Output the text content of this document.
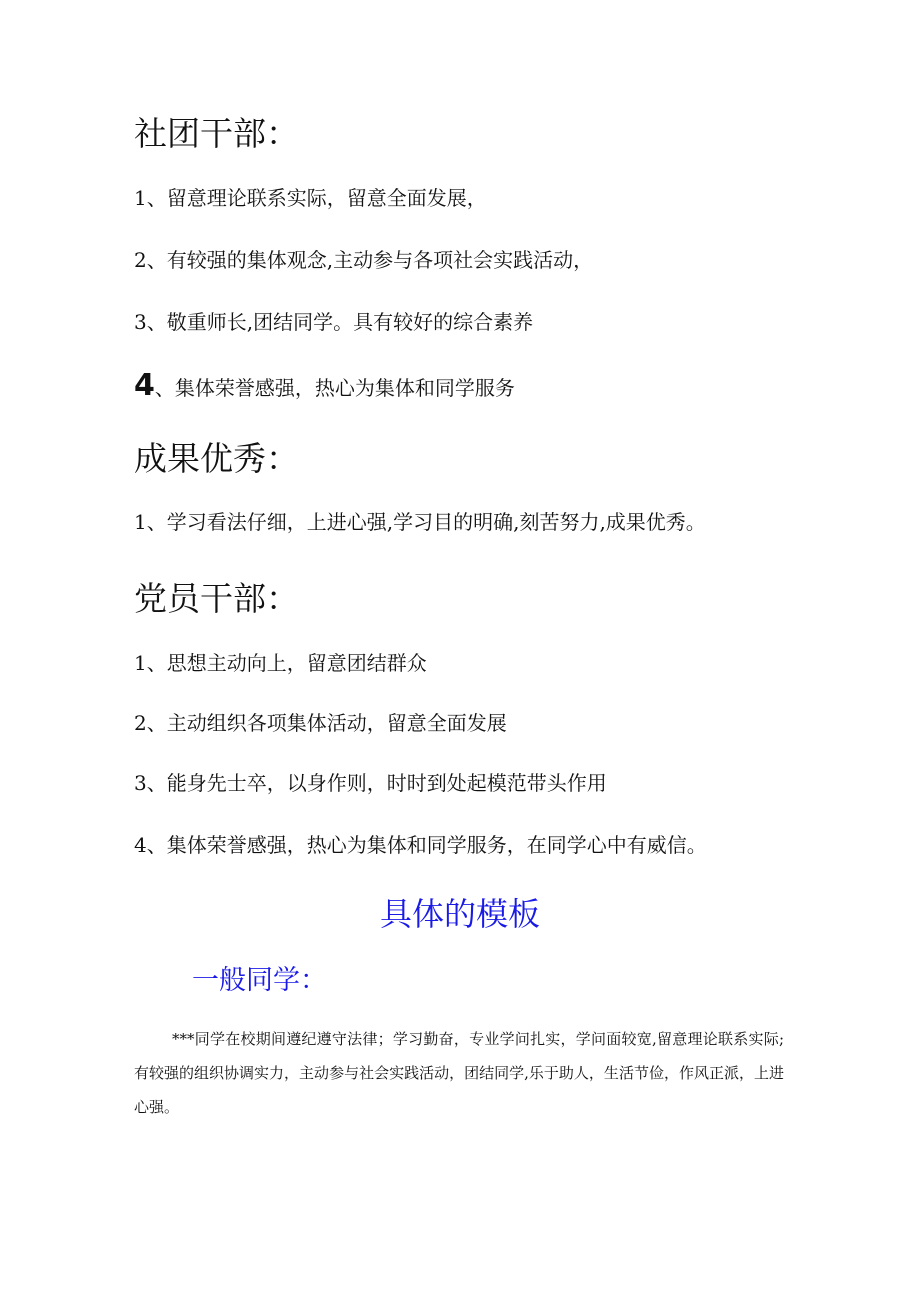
社团干部：
1、留意理论联系实际，留意全面发展，
2、有较强的集体观念,主动参与各项社会实践活动，
3、敬重师长,团结同学。具有较好的综合素养
4、集体荣誉感强，热心为集体和同学服务
成果优秀：
1、学习看法仔细，上进心强,学习目的明确,刻苦努力,成果优秀。
党员干部：
1、思想主动向上，留意团结群众
2、主动组织各项集体活动，留意全面发展
3、能身先士卒，以身作则，时时到处起模范带头作用
4、集体荣誉感强，热心为集体和同学服务，在同学心中有威信。
具体的模板
一般同学：

***同学在校期间遵纪遵守法律；学习勤奋，专业学问扎实，学问面较宽,留意理论联系实际;有较强的组织协调实力，主动参与社会实践活动，团结同学,乐于助人，生活节俭，作风正派，上进心强。
